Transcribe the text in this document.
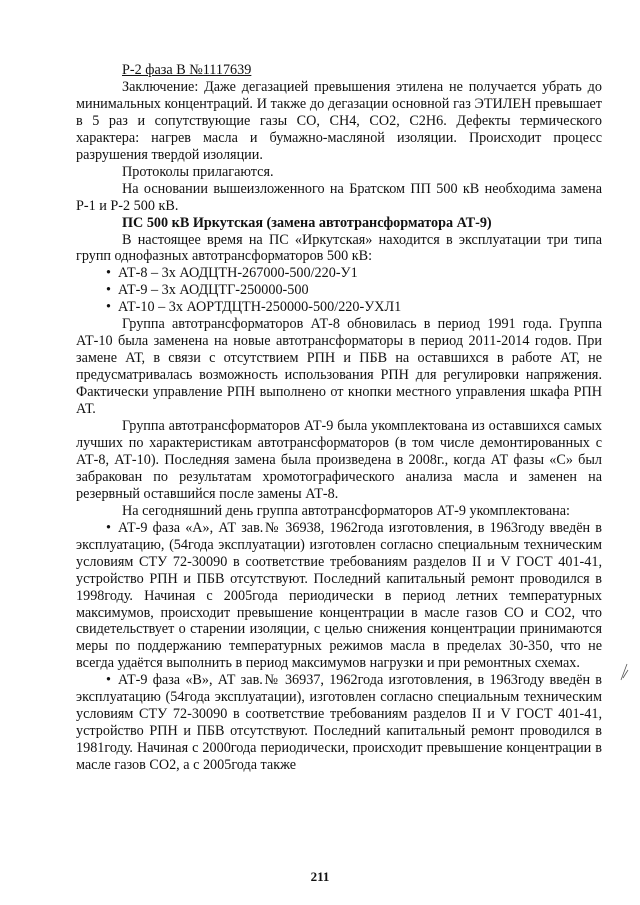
Р-2 фаза В №1117639

Заключение: Даже дегазацией превышения этилена не получается убрать до минимальных концентраций. И также до дегазации основной газ ЭТИЛЕН превышает в 5 раз и сопутствующие газы СО, СН4, СО2, С2Н6. Дефекты термического характера: нагрев масла и бумажно-масляной изоляции. Происходит процесс разрушения твердой изоляции.

Протоколы прилагаются.

На основании вышеизложенного на Братском ПП 500 кВ необходима замена Р-1 и Р-2 500 кВ.

ПС 500 кВ Иркутская (замена автотрансформатора АТ-9)

В настоящее время на ПС «Иркутская» находится в эксплуатации три типа групп однофазных автотрансформаторов 500 кВ:

• АТ-8 – 3х АОДЦТН-267000-500/220-У1

• АТ-9 – 3х АОДЦТГ-250000-500

• АТ-10 – 3х АОРТДЦТН-250000-500/220-УХЛ1

Группа автотрансформаторов АТ-8 обновилась в период 1991 года. Группа АТ-10 была заменена на новые автотрансформаторы в период 2011-2014 годов. При замене АТ, в связи с отсутствием РПН и ПБВ на оставшихся в работе АТ, не предусматривалась возможность использования РПН для регулировки напряжения. Фактически управление РПН выполнено от кнопки местного управления шкафа РПН АТ.

Группа автотрансформаторов АТ-9 была укомплектована из оставшихся самых лучших по характеристикам автотрансформаторов (в том числе демонтированных с АТ-8, АТ-10). Последняя замена была произведена в 2008г., когда АТ фазы «С» был забракован по результатам хромотографического анализа масла и заменен на резервный оставшийся после замены АТ-8.

На сегодняшний день группа автотрансформаторов АТ-9 укомплектована:

• АТ-9 фаза «А», АТ зав.№ 36938, 1962года изготовления, в 1963году введён в эксплуатацию, (54года эксплуатации) изготовлен согласно специальным техническим условиям СТУ 72-30090 в соответствие требованиям разделов II и V ГОСТ 401-41, устройство РПН и ПБВ отсутствуют. Последний капитальный ремонт проводился в 1998году. Начиная с 2005года периодически в период летних температурных максимумов, происходит превышение концентрации в масле газов СО и СО2, что свидетельствует о старении изоляции, с целью снижения концентрации принимаются меры по поддержанию температурных режимов масла в пределах 30-350, что не всегда удаётся выполнить в период максимумов нагрузки и при ремонтных схемах.

• АТ-9 фаза «В», АТ зав.№ 36937, 1962года изготовления, в 1963году введён в эксплуатацию (54года эксплуатации), изготовлен согласно специальным техническим условиям СТУ 72-30090 в соответствие требованиям разделов II и V ГОСТ 401-41, устройство РПН и ПБВ отсутствуют. Последний капитальный ремонт проводился в 1981году. Начиная с 2000года периодически, происходит превышение концентрации в масле газов СО2, а с 2005года также

211
